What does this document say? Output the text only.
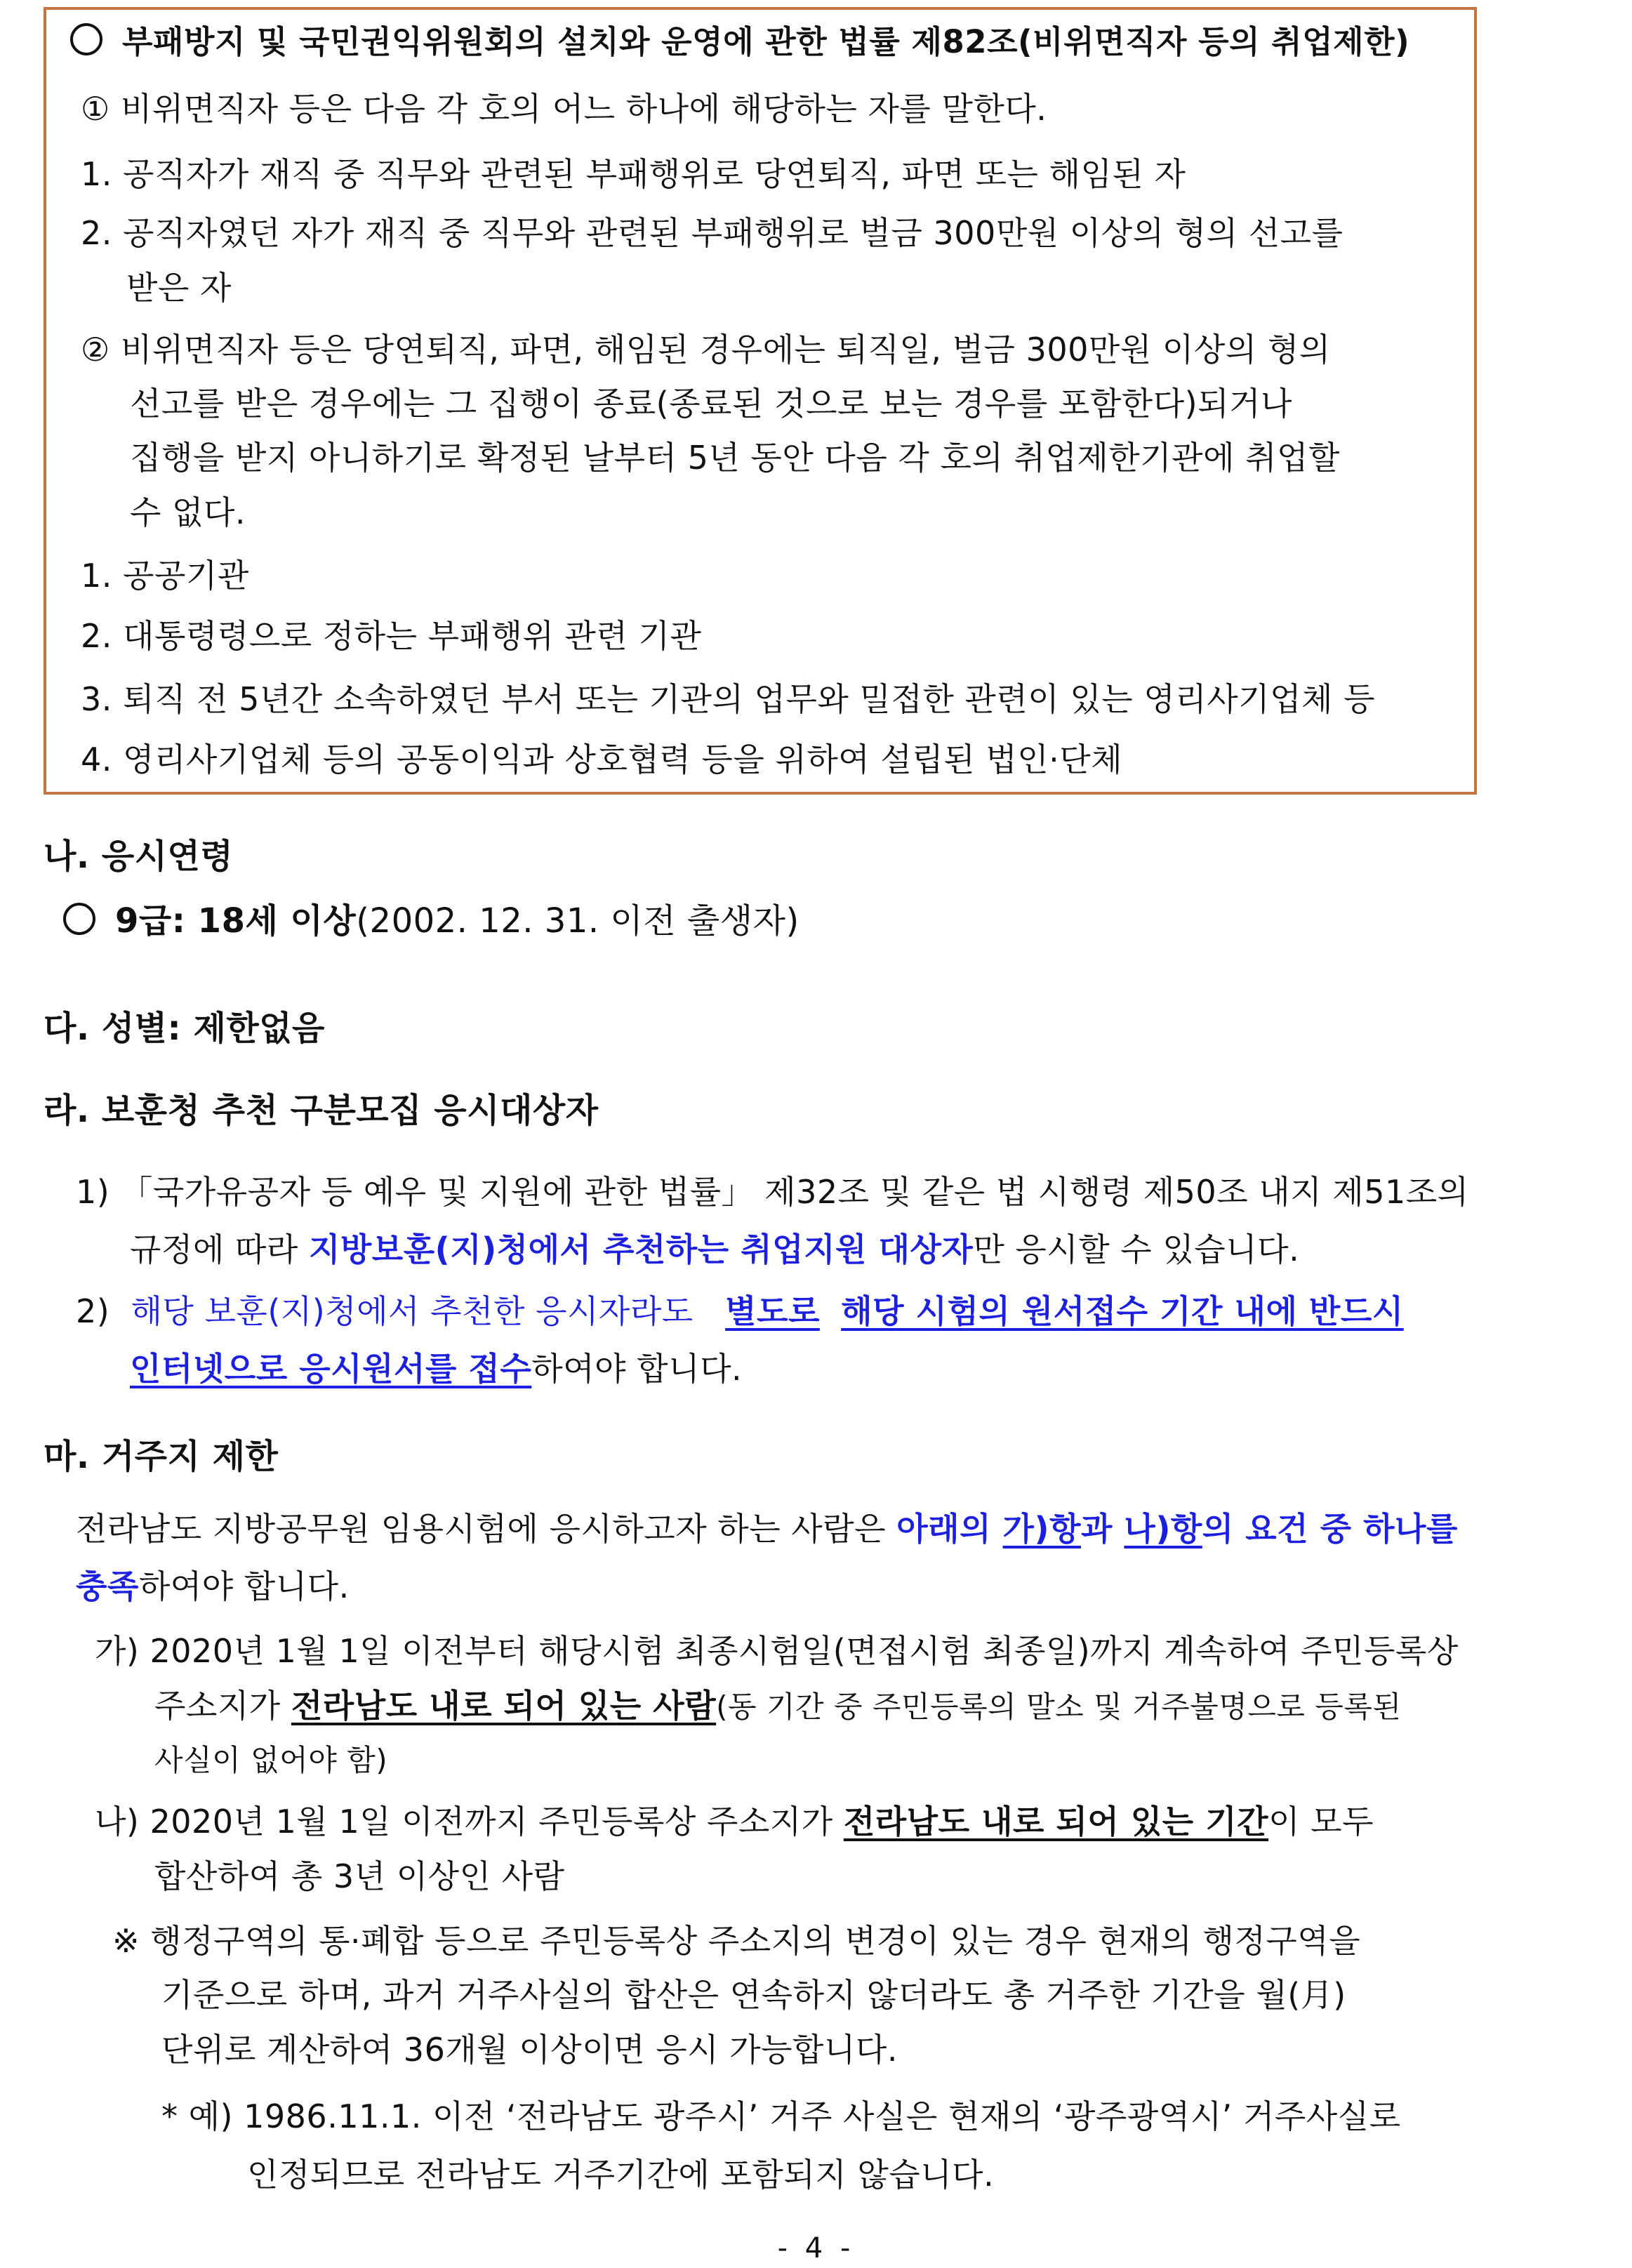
부패방지 및 국민권익위원회의 설치와 운영에 관한 법률 제82조(비위면직자 등의 취업제한)
① 비위면직자 등은 다음 각 호의 어느 하나에 해당하는 자를 말한다.
1. 공직자가 재직 중 직무와 관련된 부패행위로 당연퇴직, 파면 또는 해임된 자
2. 공직자였던 자가 재직 중 직무와 관련된 부패행위로 벌금 300만원 이상의 형의 선고를
받은 자
② 비위면직자 등은 당연퇴직, 파면, 해임된 경우에는 퇴직일, 벌금 300만원 이상의 형의
선고를 받은 경우에는 그 집행이 종료(종료된 것으로 보는 경우를 포함한다)되거나
집행을 받지 아니하기로 확정된 날부터 5년 동안 다음 각 호의 취업제한기관에 취업할
수 없다.
1. 공공기관
2. 대통령령으로 정하는 부패행위 관련 기관
3. 퇴직 전 5년간 소속하였던 부서 또는 기관의 업무와 밀접한 관련이 있는 영리사기업체 등
4. 영리사기업체 등의 공동이익과 상호협력 등을 위하여 설립된 법인·단체
나. 응시연령
9급: 18세 이상(2002. 12. 31. 이전 출생자)
다. 성별: 제한없음
라. 보훈청 추천 구분모집 응시대상자
1) 「국가유공자 등 예우 및 지원에 관한 법률」 제32조 및 같은 법 시행령 제50조 내지 제51조의
규정에 따라 지방보훈(지)청에서 추천하는 취업지원 대상자만 응시할 수 있습니다.
2) 해당 보훈(지)청에서 추천한 응시자라도 별도로 해당 시험의 원서접수 기간 내에 반드시
인터넷으로 응시원서를 접수하여야 합니다.
마. 거주지 제한
전라남도 지방공무원 임용시험에 응시하고자 하는 사람은 아래의 가)항과 나)항의 요건 중 하나를
충족하여야 합니다.
가) 2020년 1월 1일 이전부터 해당시험 최종시험일(면접시험 최종일)까지 계속하여 주민등록상
주소지가 전라남도 내로 되어 있는 사람(동 기간 중 주민등록의 말소 및 거주불명으로 등록된
사실이 없어야 함)
나) 2020년 1월 1일 이전까지 주민등록상 주소지가 전라남도 내로 되어 있는 기간이 모두
합산하여 총 3년 이상인 사람
※ 행정구역의 통·폐합 등으로 주민등록상 주소지의 변경이 있는 경우 현재의 행정구역을
기준으로 하며, 과거 거주사실의 합산은 연속하지 않더라도 총 거주한 기간을 월(月)
단위로 계산하여 36개월 이상이면 응시 가능합니다.
* 예) 1986.11.1. 이전 ‘전라남도 광주시’ 거주 사실은 현재의 ‘광주광역시’ 거주사실로
인정되므로 전라남도 거주기간에 포함되지 않습니다.
- 4 -
